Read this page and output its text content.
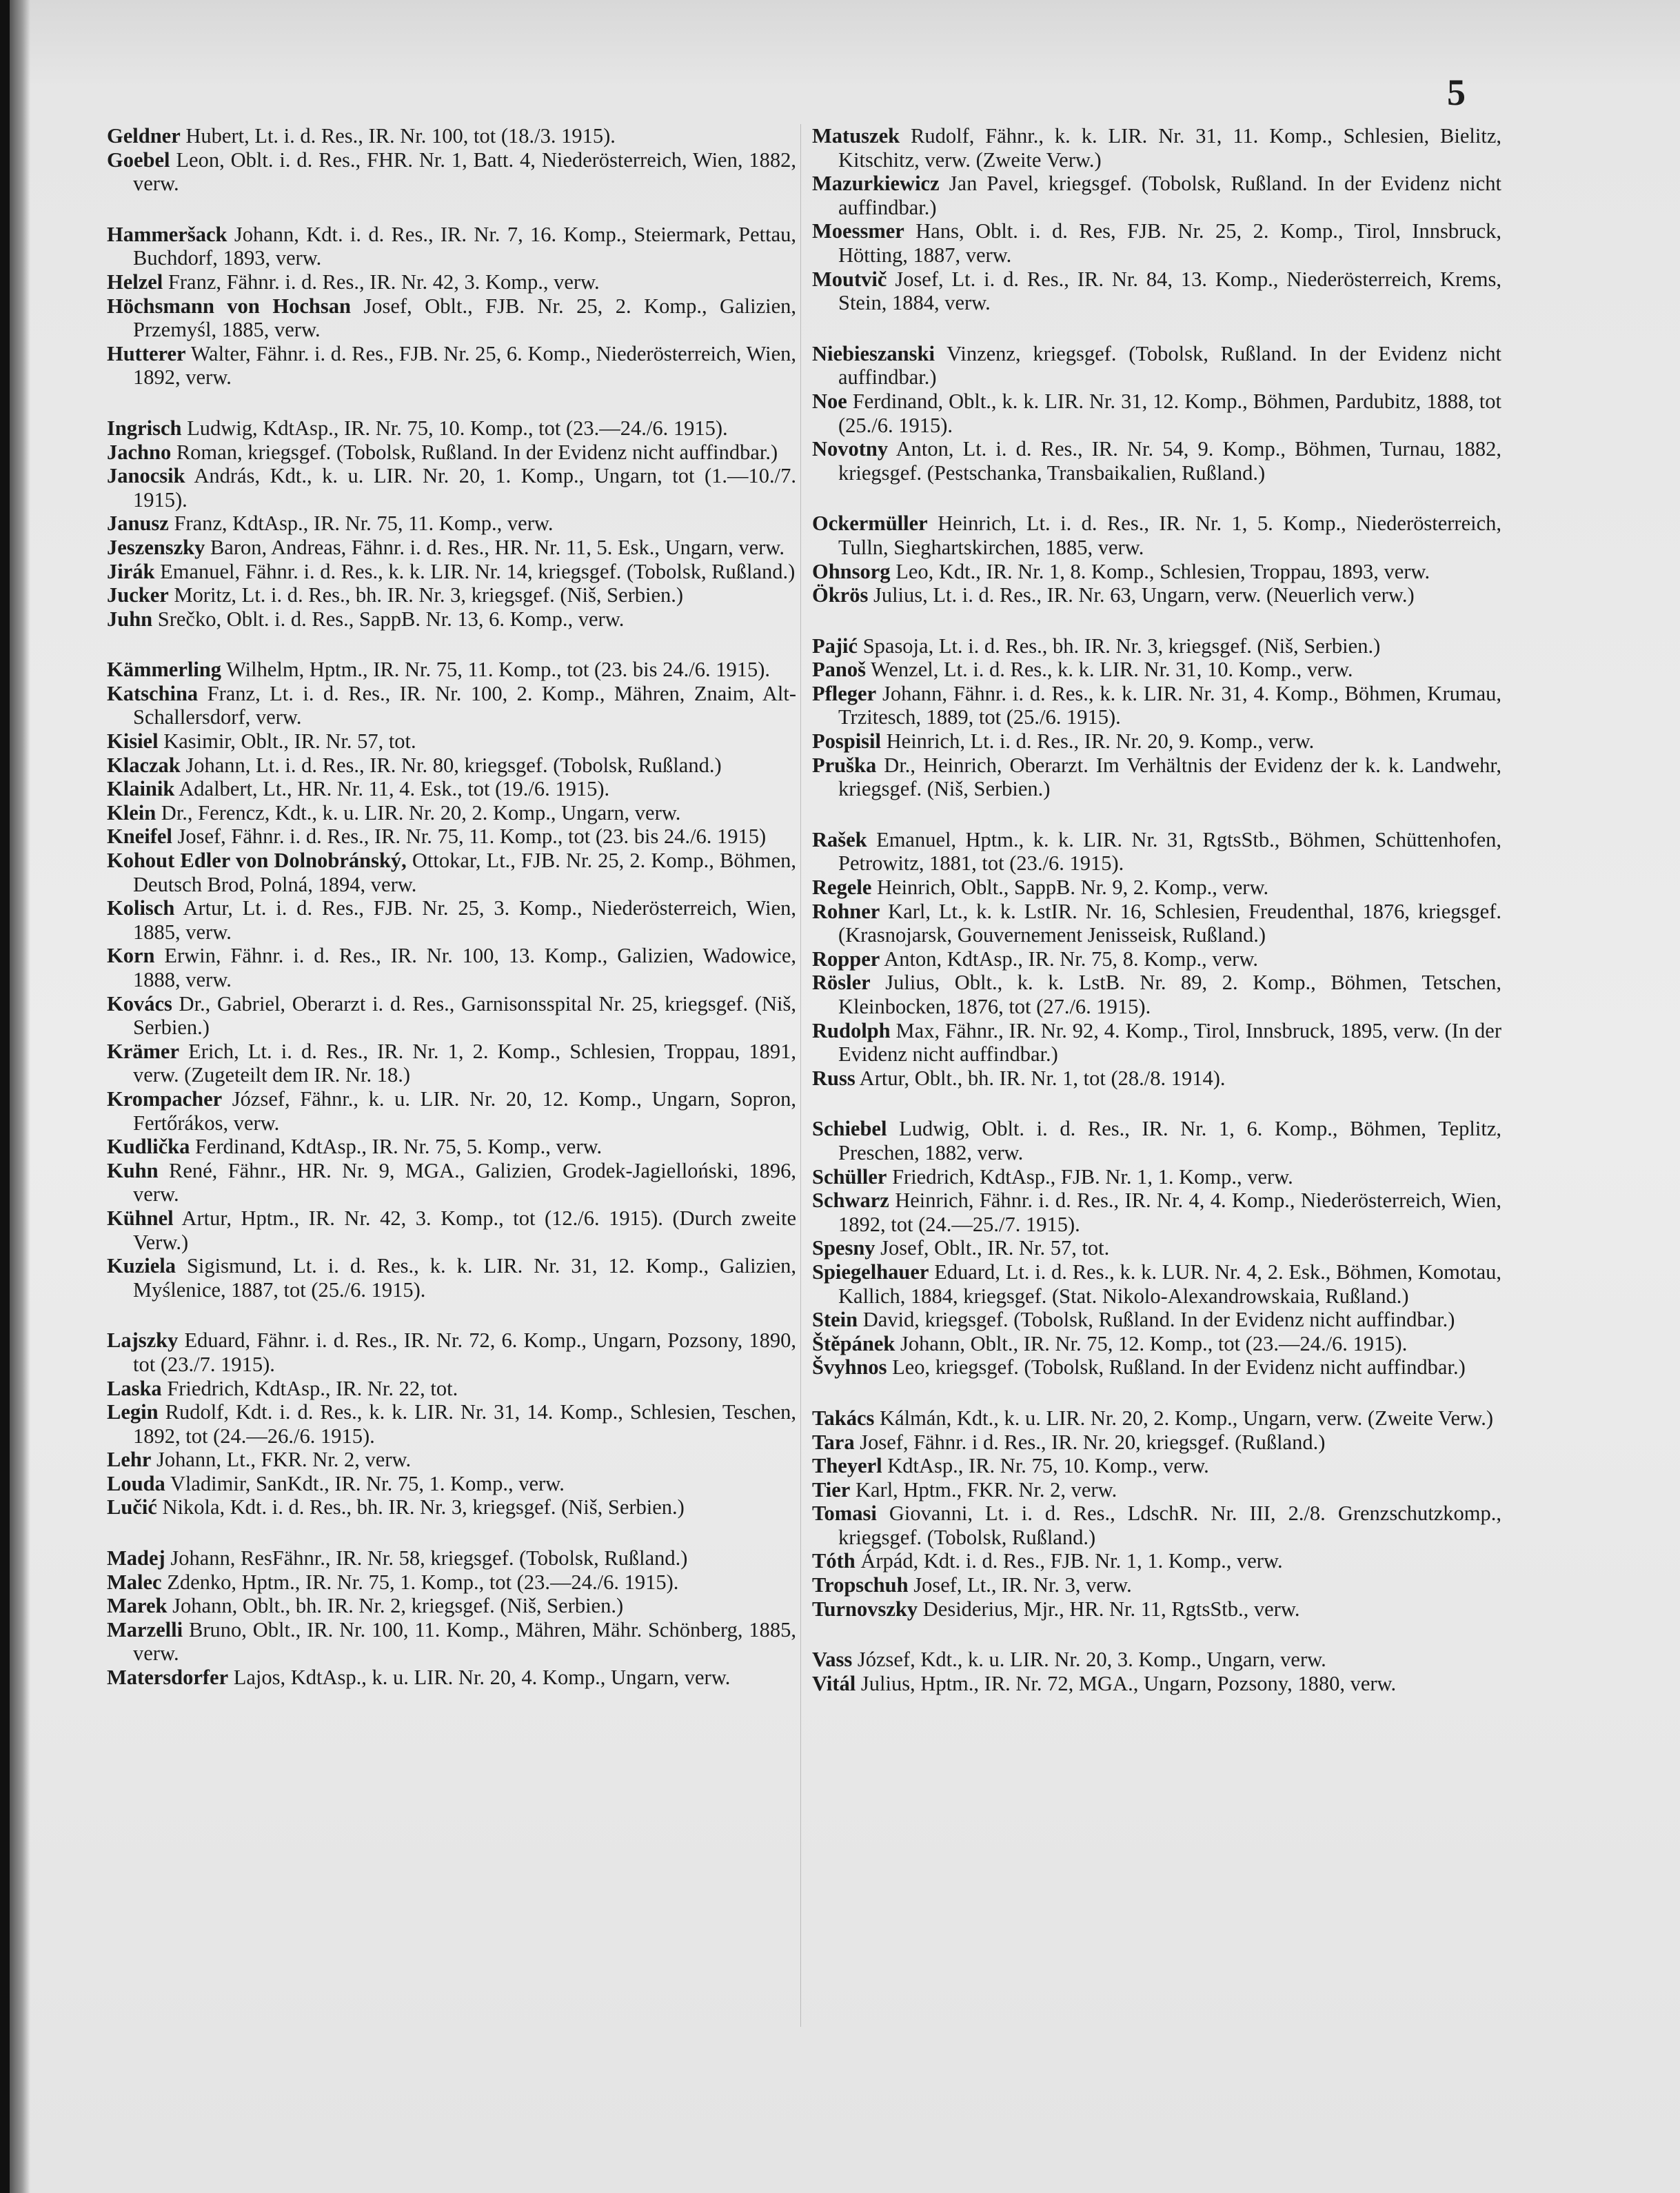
5
Geldner Hubert, Lt. i. d. Res., IR. Nr. 100, tot (18./3. 1915).
Goebel Leon, Oblt. i. d. Res., FHR. Nr. 1, Batt. 4, Niederösterreich, Wien, 1882, verw.
Hammeršack Johann, Kdt. i. d. Res., IR. Nr. 7, 16. Komp., Steiermark, Pettau, Buchdorf, 1893, verw.
Helzel Franz, Fähnr. i. d. Res., IR. Nr. 42, 3. Komp., verw.
Höchsmann von Hochsan Josef, Oblt., FJB. Nr. 25, 2. Komp., Galizien, Przemyśl, 1885, verw.
Hutterer Walter, Fähnr. i. d. Res., FJB. Nr. 25, 6. Komp., Niederösterreich, Wien, 1892, verw.
Ingrisch Ludwig, KdtAsp., IR. Nr. 75, 10. Komp., tot (23.—24./6. 1915).
Jachno Roman, kriegsgef. (Tobolsk, Rußland. In der Evidenz nicht auffindbar.)
Janocsik András, Kdt., k. u. LIR. Nr. 20, 1. Komp., Ungarn, tot (1.—10./7. 1915).
Janusz Franz, KdtAsp., IR. Nr. 75, 11. Komp., verw.
Jeszenszky Baron, Andreas, Fähnr. i. d. Res., HR. Nr. 11, 5. Esk., Ungarn, verw.
Jirák Emanuel, Fähnr. i. d. Res., k. k. LIR. Nr. 14, kriegsgef. (Tobolsk, Rußland.)
Jucker Moritz, Lt. i. d. Res., bh. IR. Nr. 3, kriegsgef. (Niš, Serbien.)
Juhn Srečko, Oblt. i. d. Res., SappB. Nr. 13, 6. Komp., verw.
Kämmerling Wilhelm, Hptm., IR. Nr. 75, 11. Komp., tot (23. bis 24./6. 1915).
Katschina Franz, Lt. i. d. Res., IR. Nr. 100, 2. Komp., Mähren, Znaim, Alt-Schallersdorf, verw.
Kisiel Kasimir, Oblt., IR. Nr. 57, tot.
Klaczak Johann, Lt. i. d. Res., IR. Nr. 80, kriegsgef. (Tobolsk, Rußland.)
Klainik Adalbert, Lt., HR. Nr. 11, 4. Esk., tot (19./6. 1915).
Klein Dr., Ferencz, Kdt., k. u. LIR. Nr. 20, 2. Komp., Ungarn, verw.
Kneifel Josef, Fähnr. i. d. Res., IR. Nr. 75, 11. Komp., tot (23. bis 24./6. 1915)
Kohout Edler von Dolnobránský, Ottokar, Lt., FJB. Nr. 25, 2. Komp., Böhmen, Deutsch Brod, Polná, 1894, verw.
Kolisch Artur, Lt. i. d. Res., FJB. Nr. 25, 3. Komp., Niederösterreich, Wien, 1885, verw.
Korn Erwin, Fähnr. i. d. Res., IR. Nr. 100, 13. Komp., Galizien, Wadowice, 1888, verw.
Kovács Dr., Gabriel, Oberarzt i. d. Res., Garnisonsspital Nr. 25, kriegsgef. (Niš, Serbien.)
Krämer Erich, Lt. i. d. Res., IR. Nr. 1, 2. Komp., Schlesien, Troppau, 1891, verw. (Zugeteilt dem IR. Nr. 18.)
Krompacher József, Fähnr., k. u. LIR. Nr. 20, 12. Komp., Ungarn, Sopron, Fertőrákos, verw.
Kudlička Ferdinand, KdtAsp., IR. Nr. 75, 5. Komp., verw.
Kuhn René, Fähnr., HR. Nr. 9, MGA., Galizien, Grodek-Jagielloński, 1896, verw.
Kühnel Artur, Hptm., IR. Nr. 42, 3. Komp., tot (12./6. 1915). (Durch zweite Verw.)
Kuziela Sigismund, Lt. i. d. Res., k. k. LIR. Nr. 31, 12. Komp., Galizien, Myślenice, 1887, tot (25./6. 1915).
Lajszky Eduard, Fähnr. i. d. Res., IR. Nr. 72, 6. Komp., Ungarn, Pozsony, 1890, tot (23./7. 1915).
Laska Friedrich, KdtAsp., IR. Nr. 22, tot.
Legin Rudolf, Kdt. i. d. Res., k. k. LIR. Nr. 31, 14. Komp., Schlesien, Teschen, 1892, tot (24.—26./6. 1915).
Lehr Johann, Lt., FKR. Nr. 2, verw.
Louda Vladimir, SanKdt., IR. Nr. 75, 1. Komp., verw.
Lučić Nikola, Kdt. i. d. Res., bh. IR. Nr. 3, kriegsgef. (Niš, Serbien.)
Madej Johann, ResFähnr., IR. Nr. 58, kriegsgef. (Tobolsk, Rußland.)
Malec Zdenko, Hptm., IR. Nr. 75, 1. Komp., tot (23.—24./6. 1915).
Marek Johann, Oblt., bh. IR. Nr. 2, kriegsgef. (Niš, Serbien.)
Marzelli Bruno, Oblt., IR. Nr. 100, 11. Komp., Mähren, Mähr. Schönberg, 1885, verw.
Matersdorfer Lajos, KdtAsp., k. u. LIR. Nr. 20, 4. Komp., Ungarn, verw.
Matuszek Rudolf, Fähnr., k. k. LIR. Nr. 31, 11. Komp., Schlesien, Bielitz, Kitschitz, verw. (Zweite Verw.)
Mazurkiewicz Jan Pavel, kriegsgef. (Tobolsk, Rußland. In der Evidenz nicht auffindbar.)
Moessmer Hans, Oblt. i. d. Res, FJB. Nr. 25, 2. Komp., Tirol, Innsbruck, Hötting, 1887, verw.
Moutvič Josef, Lt. i. d. Res., IR. Nr. 84, 13. Komp., Niederösterreich, Krems, Stein, 1884, verw.
Niebieszanski Vinzenz, kriegsgef. (Tobolsk, Rußland. In der Evidenz nicht auffindbar.)
Noe Ferdinand, Oblt., k. k. LIR. Nr. 31, 12. Komp., Böhmen, Pardubitz, 1888, tot (25./6. 1915).
Novotny Anton, Lt. i. d. Res., IR. Nr. 54, 9. Komp., Böhmen, Turnau, 1882, kriegsgef. (Pestschanka, Transbaikalien, Rußland.)
Ockermüller Heinrich, Lt. i. d. Res., IR. Nr. 1, 5. Komp., Niederösterreich, Tulln, Sieghartskirchen, 1885, verw.
Ohnsorg Leo, Kdt., IR. Nr. 1, 8. Komp., Schlesien, Troppau, 1893, verw.
Ökrös Julius, Lt. i. d. Res., IR. Nr. 63, Ungarn, verw. (Neuerlich verw.)
Pajić Spasoja, Lt. i. d. Res., bh. IR. Nr. 3, kriegsgef. (Niš, Serbien.)
Panoš Wenzel, Lt. i. d. Res., k. k. LIR. Nr. 31, 10. Komp., verw.
Pfleger Johann, Fähnr. i. d. Res., k. k. LIR. Nr. 31, 4. Komp., Böhmen, Krumau, Trzitesch, 1889, tot (25./6. 1915).
Pospisil Heinrich, Lt. i. d. Res., IR. Nr. 20, 9. Komp., verw.
Pruška Dr., Heinrich, Oberarzt. Im Verhältnis der Evidenz der k. k. Landwehr, kriegsgef. (Niš, Serbien.)
Rašek Emanuel, Hptm., k. k. LIR. Nr. 31, RgtsStb., Böhmen, Schüttenhofen, Petrowitz, 1881, tot (23./6. 1915).
Regele Heinrich, Oblt., SappB. Nr. 9, 2. Komp., verw.
Rohner Karl, Lt., k. k. LstIR. Nr. 16, Schlesien, Freudenthal, 1876, kriegsgef. (Krasnojarsk, Gouvernement Jenisseisk, Rußland.)
Ropper Anton, KdtAsp., IR. Nr. 75, 8. Komp., verw.
Rösler Julius, Oblt., k. k. LstB. Nr. 89, 2. Komp., Böhmen, Tetschen, Kleinbocken, 1876, tot (27./6. 1915).
Rudolph Max, Fähnr., IR. Nr. 92, 4. Komp., Tirol, Innsbruck, 1895, verw. (In der Evidenz nicht auffindbar.)
Russ Artur, Oblt., bh. IR. Nr. 1, tot (28./8. 1914).
Schiebel Ludwig, Oblt. i. d. Res., IR. Nr. 1, 6. Komp., Böhmen, Teplitz, Preschen, 1882, verw.
Schüller Friedrich, KdtAsp., FJB. Nr. 1, 1. Komp., verw.
Schwarz Heinrich, Fähnr. i. d. Res., IR. Nr. 4, 4. Komp., Niederösterreich, Wien, 1892, tot (24.—25./7. 1915).
Spesny Josef, Oblt., IR. Nr. 57, tot.
Spiegelhauer Eduard, Lt. i. d. Res., k. k. LUR. Nr. 4, 2. Esk., Böhmen, Komotau, Kallich, 1884, kriegsgef. (Stat. Nikolo-Alexandrowskaia, Rußland.)
Stein David, kriegsgef. (Tobolsk, Rußland. In der Evidenz nicht auffindbar.)
Štěpánek Johann, Oblt., IR. Nr. 75, 12. Komp., tot (23.—24./6. 1915).
Švyhnos Leo, kriegsgef. (Tobolsk, Rußland. In der Evidenz nicht auffindbar.)
Takács Kálmán, Kdt., k. u. LIR. Nr. 20, 2. Komp., Ungarn, verw. (Zweite Verw.)
Tara Josef, Fähnr. i d. Res., IR. Nr. 20, kriegsgef. (Rußland.)
Theyerl KdtAsp., IR. Nr. 75, 10. Komp., verw.
Tier Karl, Hptm., FKR. Nr. 2, verw.
Tomasi Giovanni, Lt. i. d. Res., LdschR. Nr. III, 2./8. Grenzschutzkomp., kriegsgef. (Tobolsk, Rußland.)
Tóth Árpád, Kdt. i. d. Res., FJB. Nr. 1, 1. Komp., verw.
Tropschuh Josef, Lt., IR. Nr. 3, verw.
Turnovszky Desiderius, Mjr., HR. Nr. 11, RgtsStb., verw.
Vass József, Kdt., k. u. LIR. Nr. 20, 3. Komp., Ungarn, verw.
Vitál Julius, Hptm., IR. Nr. 72, MGA., Ungarn, Pozsony, 1880, verw.
